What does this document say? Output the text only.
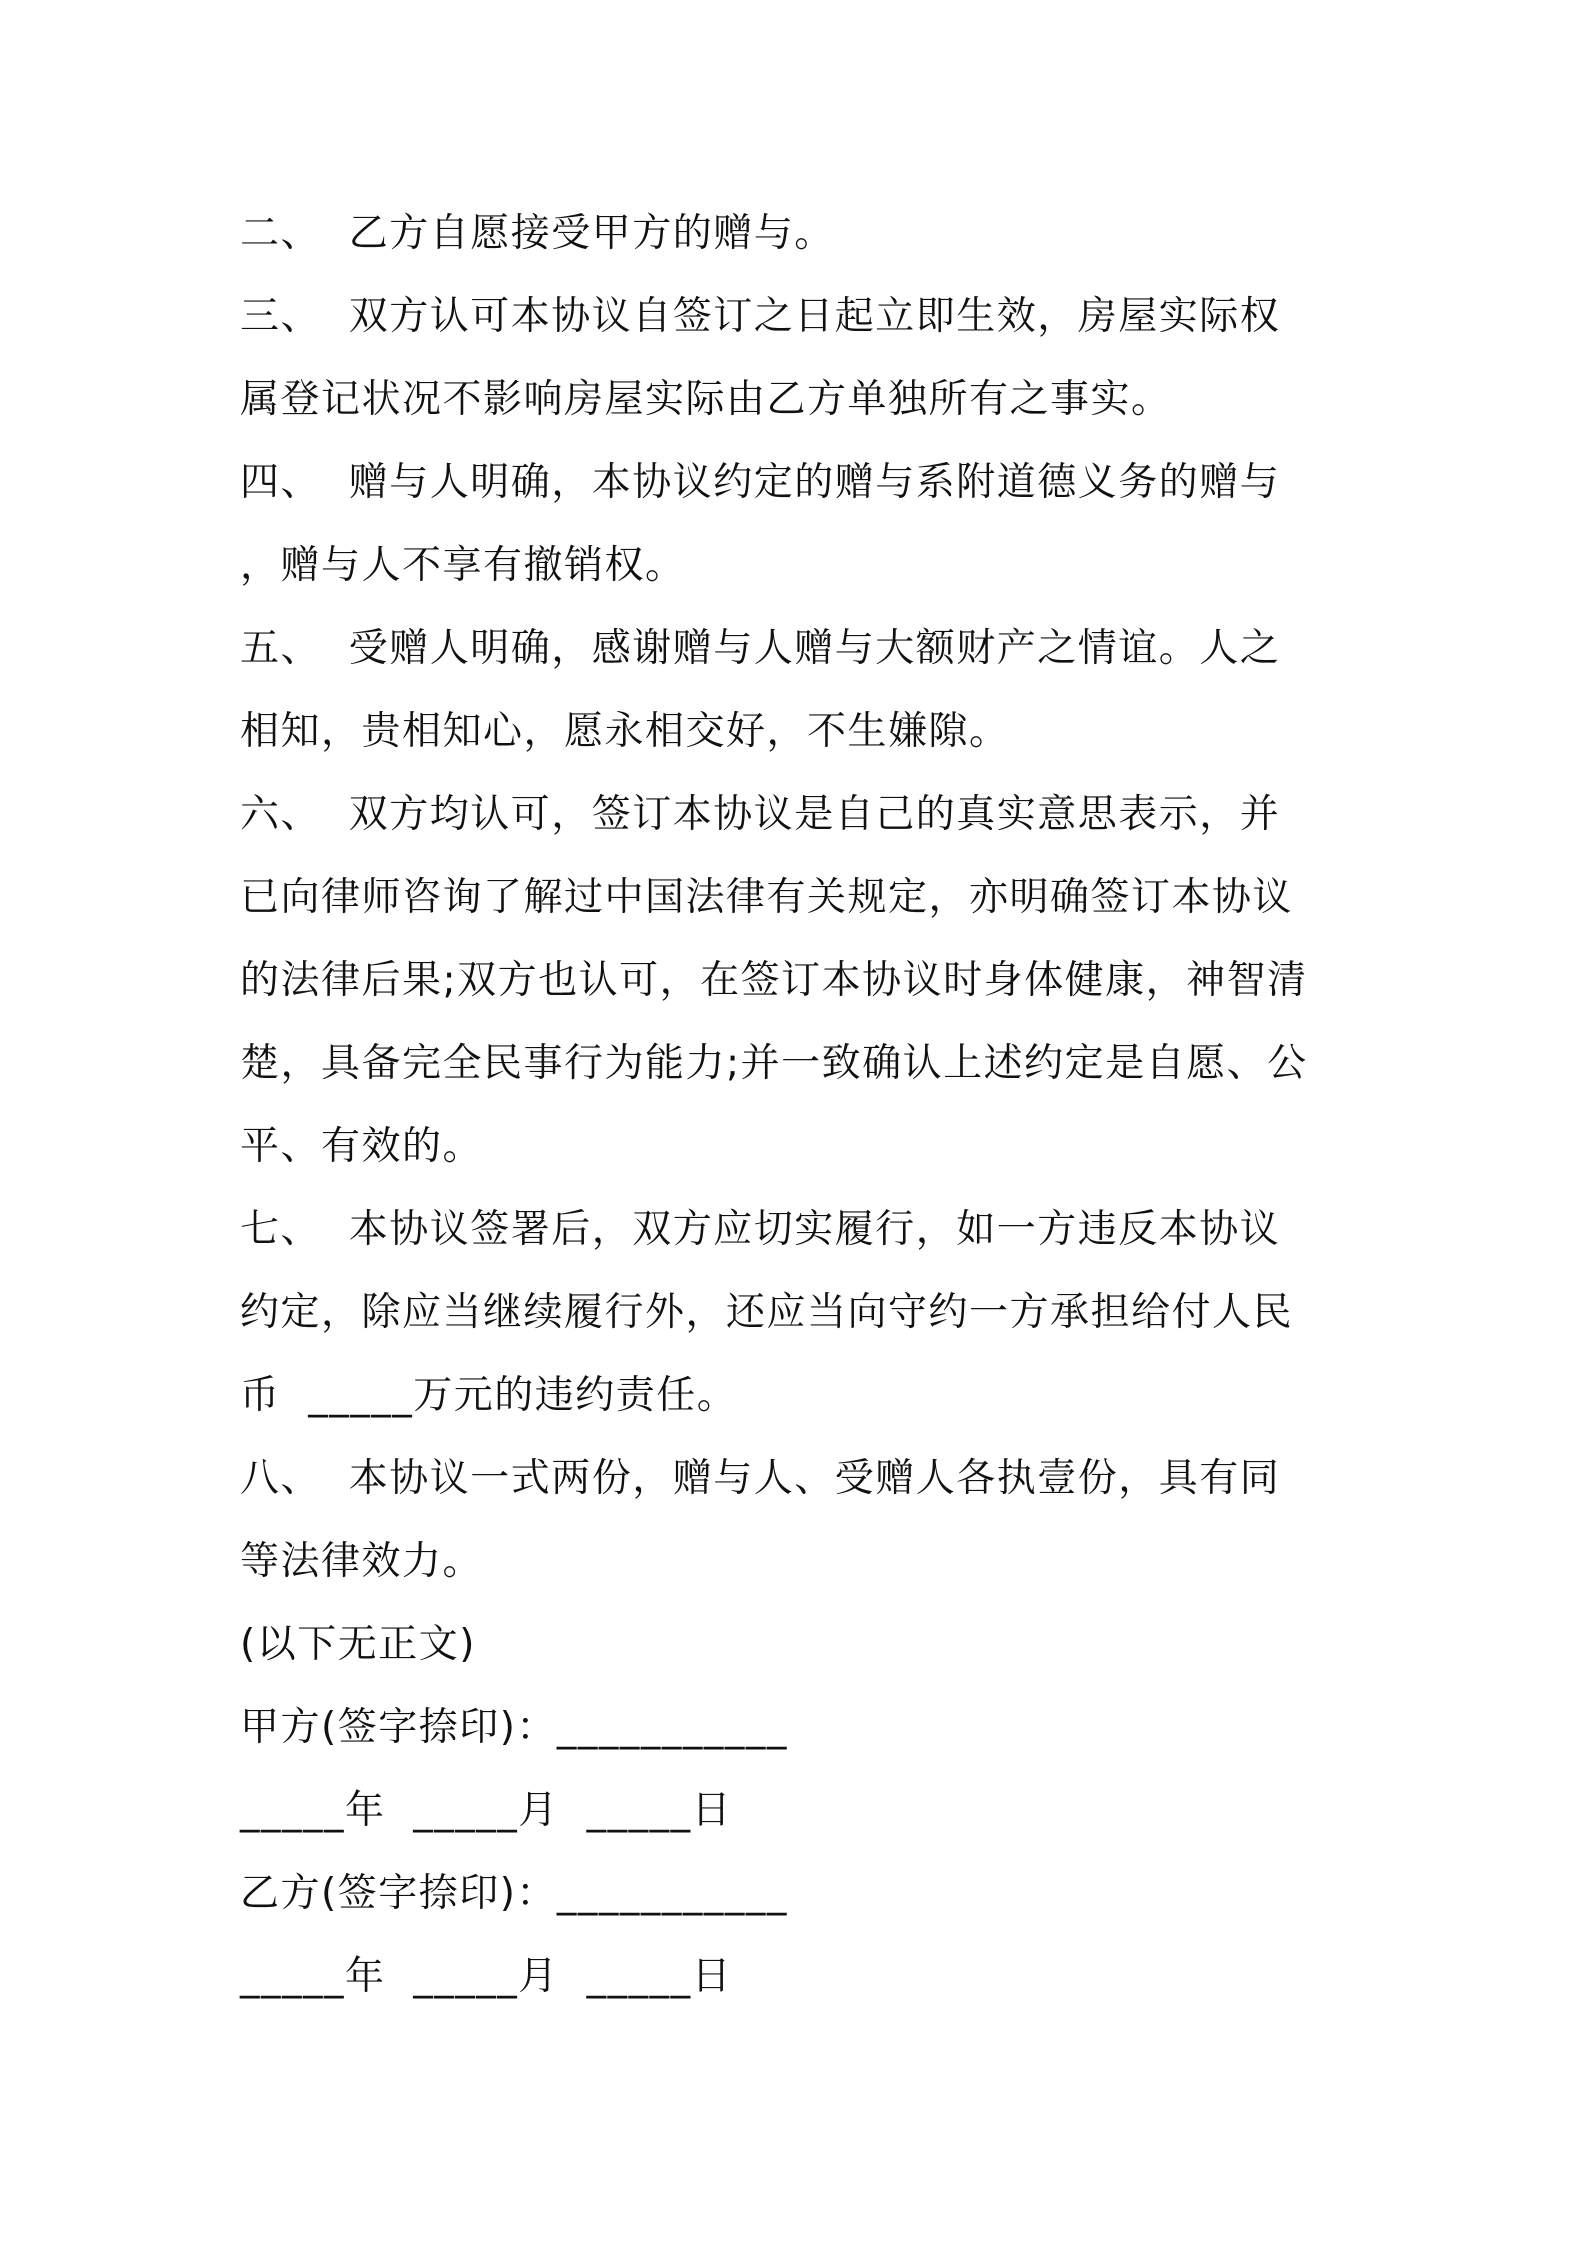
二、  乙方自愿接受甲方的赠与。
三、  双方认可本协议自签订之日起立即生效，房屋实际权
属登记状况不影响房屋实际由乙方单独所有之事实。
四、  赠与人明确，本协议约定的赠与系附道德义务的赠与
，赠与人不享有撤销权。
五、  受赠人明确，感谢赠与人赠与大额财产之情谊。人之
相知，贵相知心，愿永相交好，不生嫌隙。
六、  双方均认可，签订本协议是自己的真实意思表示，并
已向律师咨询了解过中国法律有关规定，亦明确签订本协议
的法律后果;双方也认可，在签订本协议时身体健康，神智清
楚，具备完全民事行为能力;并一致确认上述约定是自愿、公
平、有效的。
七、  本协议签署后，双方应切实履行，如一方违反本协议
约定，除应当继续履行外，还应当向守约一方承担给付人民
币  _____万元的违约责任。
八、  本协议一式两份，赠与人、受赠人各执壹份，具有同
等法律效力。
(以下无正文)
甲方(签字捺印)：___________
_____年  _____月  _____日
乙方(签字捺印)：___________
_____年  _____月  _____日
